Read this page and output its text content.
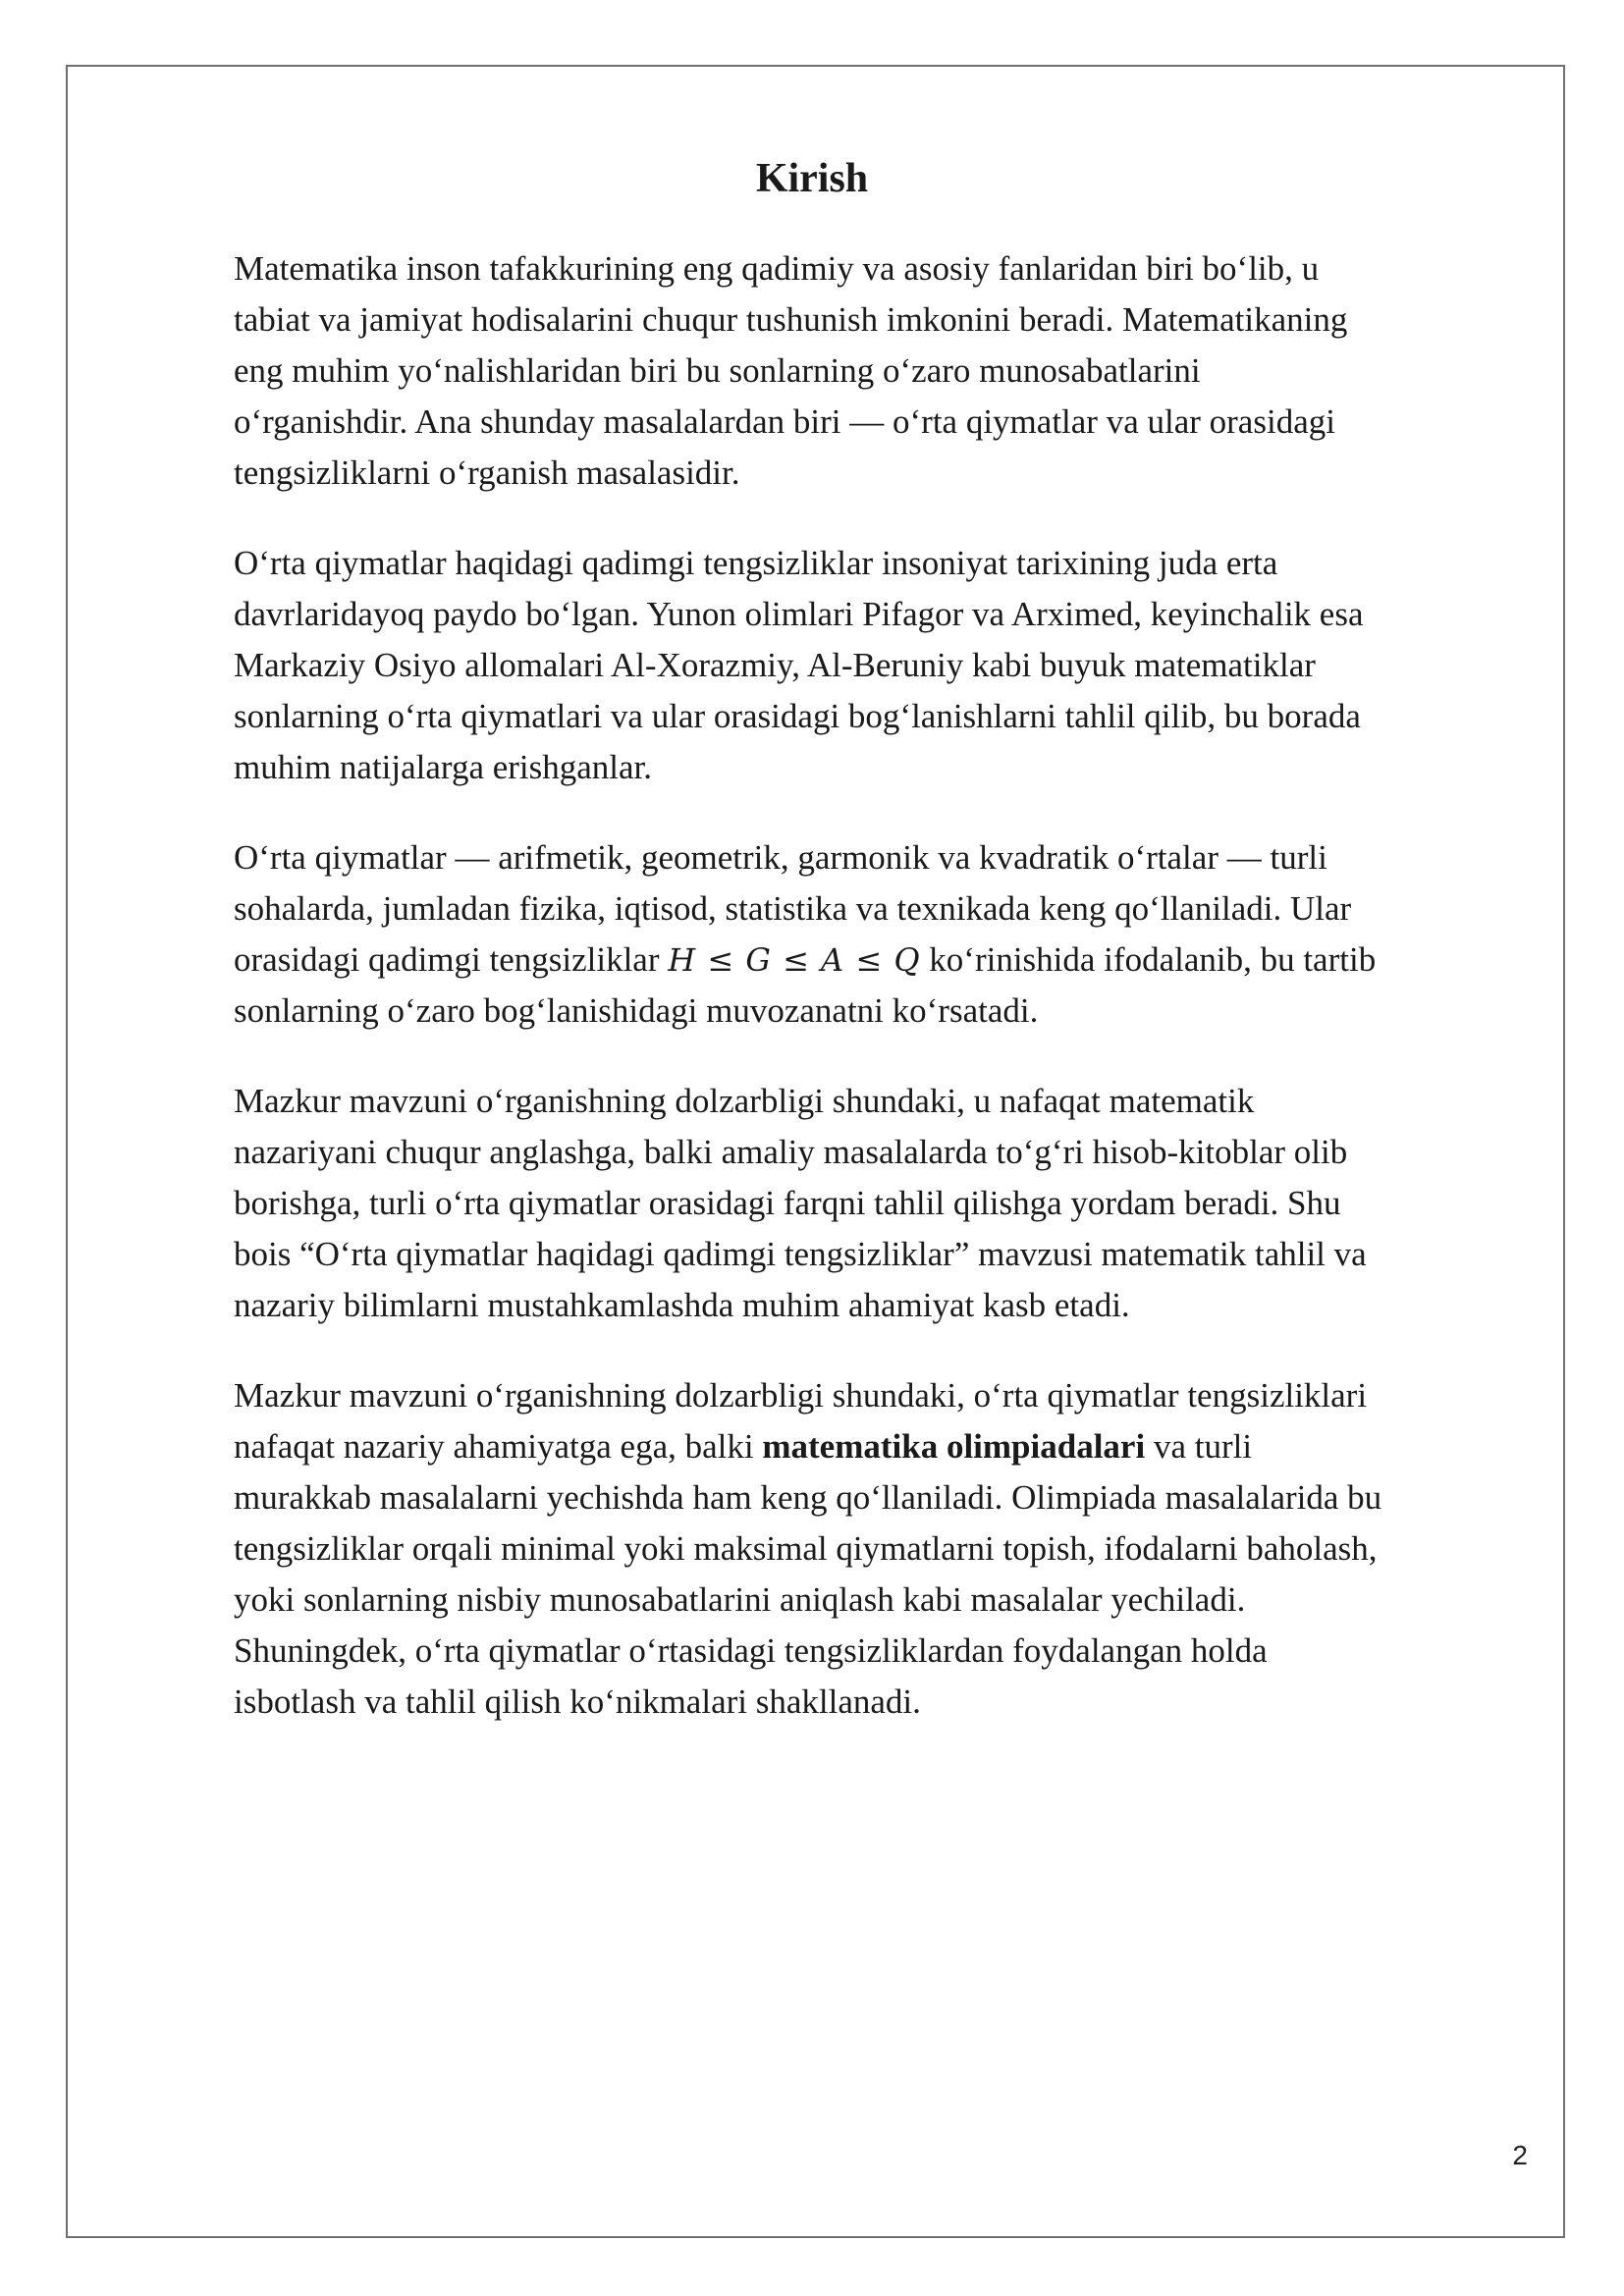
Kirish

Matematika inson tafakkurining eng qadimiy va asosiy fanlaridan biri bo‘lib, u
tabiat va jamiyat hodisalarini chuqur tushunish imkonini beradi. Matematikaning
eng muhim yo‘nalishlaridan biri bu sonlarning o‘zaro munosabatlarini
o‘rganishdir. Ana shunday masalalardan biri — o‘rta qiymatlar va ular orasidagi
tengsizliklarni o‘rganish masalasidir.

O‘rta qiymatlar haqidagi qadimgi tengsizliklar insoniyat tarixining juda erta
davrlaridayoq paydo bo‘lgan. Yunon olimlari Pifagor va Arximed, keyinchalik esa
Markaziy Osiyo allomalari Al-Xorazmiy, Al-Beruniy kabi buyuk matematiklar
sonlarning o‘rta qiymatlari va ular orasidagi bog‘lanishlarni tahlil qilib, bu borada
muhim natijalarga erishganlar.

O‘rta qiymatlar — arifmetik, geometrik, garmonik va kvadratik o‘rtalar — turli
sohalarda, jumladan fizika, iqtisod, statistika va texnikada keng qo‘llaniladi. Ular
orasidagi qadimgi tengsizliklar H ≤ G ≤ A ≤ Q ko‘rinishida ifodalanib, bu tartib
sonlarning o‘zaro bog‘lanishidagi muvozanatni ko‘rsatadi.

Mazkur mavzuni o‘rganishning dolzarbligi shundaki, u nafaqat matematik
nazariyani chuqur anglashga, balki amaliy masalalarda to‘g‘ri hisob-kitoblar olib
borishga, turli o‘rta qiymatlar orasidagi farqni tahlil qilishga yordam beradi. Shu
bois “O‘rta qiymatlar haqidagi qadimgi tengsizliklar” mavzusi matematik tahlil va
nazariy bilimlarni mustahkamlashda muhim ahamiyat kasb etadi.

Mazkur mavzuni o‘rganishning dolzarbligi shundaki, o‘rta qiymatlar tengsizliklari
nafaqat nazariy ahamiyatga ega, balki matematika olimpiadalari va turli
murakkab masalalarni yechishda ham keng qo‘llaniladi. Olimpiada masalalarida bu
tengsizliklar orqali minimal yoki maksimal qiymatlarni topish, ifodalarni baholash,
yoki sonlarning nisbiy munosabatlarini aniqlash kabi masalalar yechiladi.
Shuningdek, o‘rta qiymatlar o‘rtasidagi tengsizliklardan foydalangan holda
isbotlash va tahlil qilish ko‘nikmalari shakllanadi.

2
